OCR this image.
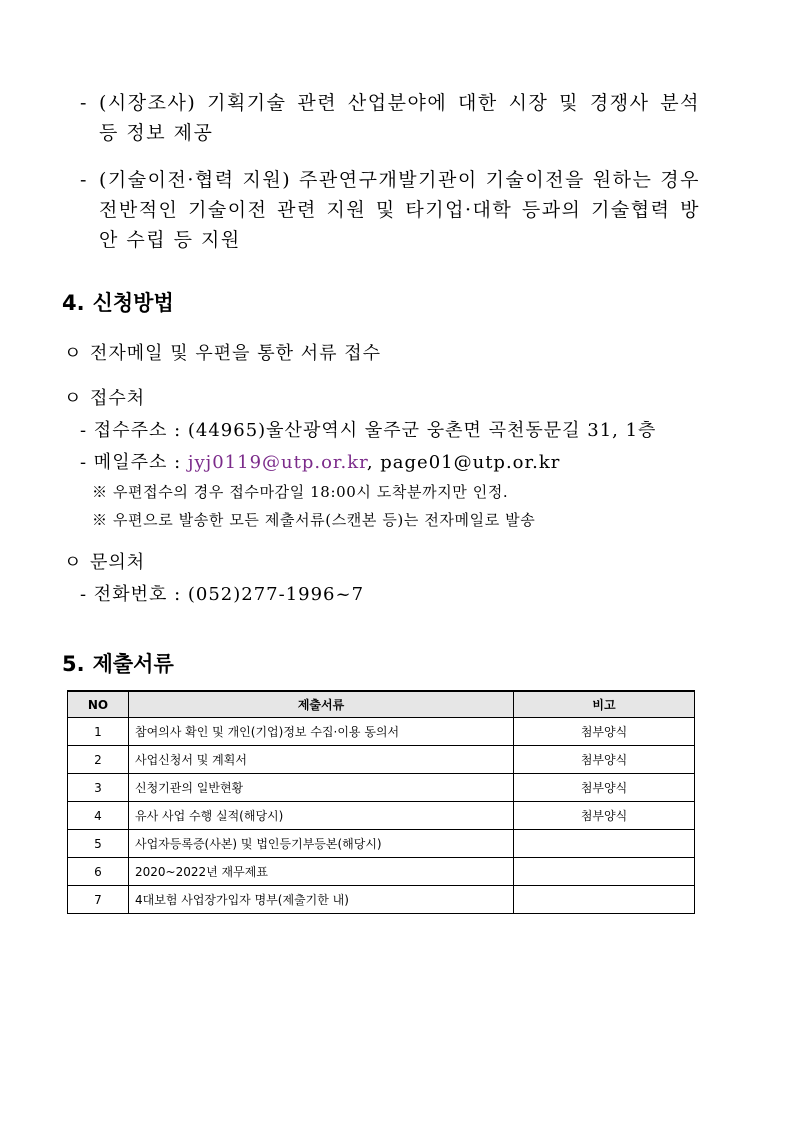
- (시장조사) 기획기술 관련 산업분야에 대한 시장 및 경쟁사 분석 등 정보 제공
- (기술이전·협력 지원) 주관연구개발기관이 기술이전을 원하는 경우 전반적인 기술이전 관련 지원 및 타기업·대학 등과의 기술협력 방안 수립 등 지원
4. 신청방법
ㅇ 전자메일 및 우편을 통한 서류 접수
ㅇ 접수처
- 접수주소 : (44965)울산광역시 울주군 웅촌면 곡천동문길 31, 1층
- 메일주소 : jyj0119@utp.or.kr, page01@utp.or.kr
※ 우편접수의 경우 접수마감일 18:00시 도착분까지만 인정.
※ 우편으로 발송한 모든 제출서류(스캔본 등)는 전자메일로 발송
ㅇ 문의처
- 전화번호 : (052)277-1996~7
5. 제출서류
NO	제출서류	비고
1	참여의사 확인 및 개인(기업)정보 수집·이용 동의서	첨부양식
2	사업신청서 및 계획서	첨부양식
3	신청기관의 일반현황	첨부양식
4	유사 사업 수행 실적(해당시)	첨부양식
5	사업자등록증(사본) 및 법인등기부등본(해당시)	
6	2020~2022년 재무제표	
7	4대보험 사업장가입자 명부(제출기한 내)	
